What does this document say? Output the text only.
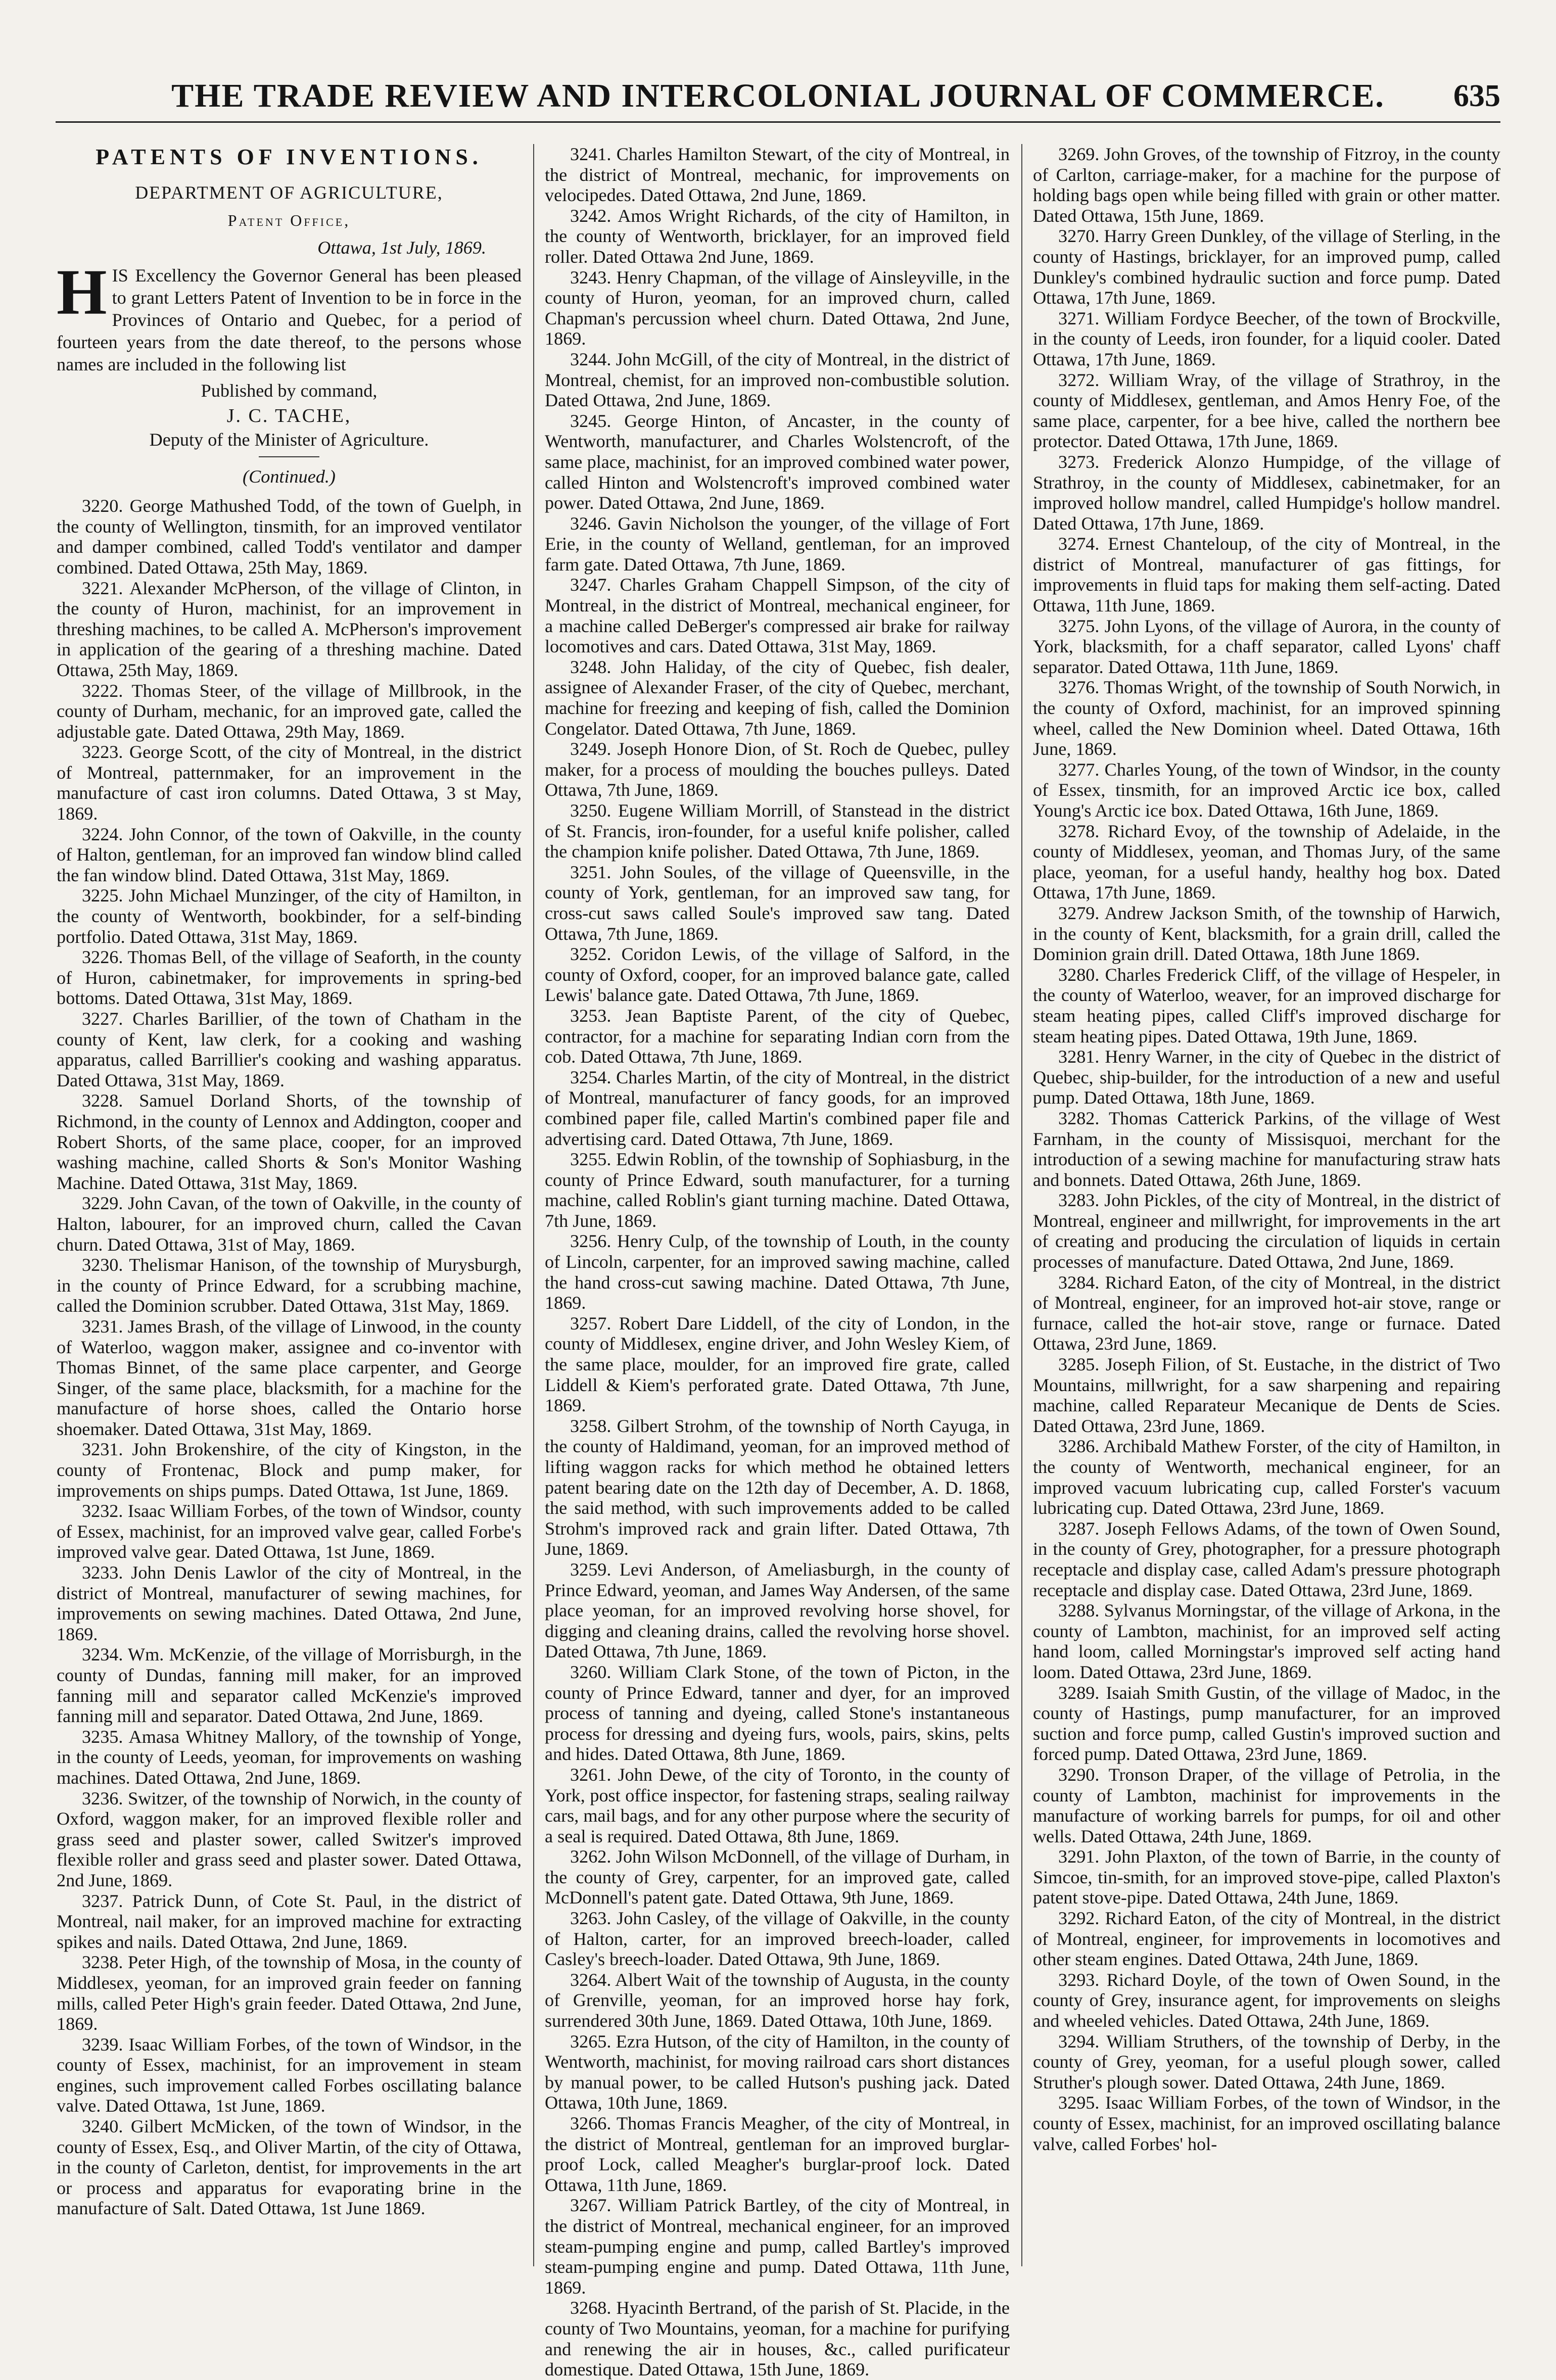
THE TRADE REVIEW AND INTERCOLONIAL JOURNAL OF COMMERCE.	635
PATENTS OF INVENTIONS.
DEPARTMENT OF AGRICULTURE,
Patent Office,
Ottawa, 1st July, 1869.

HIS Excellency the Governor General has been pleased to grant Letters Patent of Invention to be in force in the Provinces of Ontario and Quebec, for a period of fourteen years from the date thereof, to the persons whose names are included in the following list

Published by command,
J. C. TACHE,
Deputy of the Minister of Agriculture.
(Continued.)

3220. George Mathushed Todd, of the town of Guelph, in the county of Wellington, tinsmith, for an improved ventilator and damper combined, called Todd's ventilator and damper combined. Dated Ottawa, 25th May, 1869.

3221. Alexander McPherson, of the village of Clinton, in the county of Huron, machinist, for an improvement in threshing machines, to be called A. McPherson's improvement in application of the gearing of a threshing machine. Dated Ottawa, 25th May, 1869.

3222. Thomas Steer, of the village of Millbrook, in the county of Durham, mechanic, for an improved gate, called the adjustable gate. Dated Ottawa, 29th May, 1869.

3223. George Scott, of the city of Montreal, in the district of Montreal, patternmaker, for an improvement in the manufacture of cast iron columns. Dated Ottawa, 3 st May, 1869.

3224. John Connor, of the town of Oakville, in the county of Halton, gentleman, for an improved fan window blind called the fan window blind. Dated Ottawa, 31st May, 1869.

3225. John Michael Munzinger, of the city of Hamilton, in the county of Wentworth, bookbinder, for a self-binding portfolio. Dated Ottawa, 31st May, 1869.

3226. Thomas Bell, of the village of Seaforth, in the county of Huron, cabinetmaker, for improvements in spring-bed bottoms. Dated Ottawa, 31st May, 1869.

3227. Charles Barillier, of the town of Chatham in the county of Kent, law clerk, for a cooking and washing apparatus, called Barrillier's cooking and washing apparatus. Dated Ottawa, 31st May, 1869.

3228. Samuel Dorland Shorts, of the township of Richmond, in the county of Lennox and Addington, cooper and Robert Shorts, of the same place, cooper, for an improved washing machine, called Shorts & Son's Monitor Washing Machine. Dated Ottawa, 31st May, 1869.

3229. John Cavan, of the town of Oakville, in the county of Halton, labourer, for an improved churn, called the Cavan churn. Dated Ottawa, 31st of May, 1869.

3230. Thelismar Hanison, of the township of Murysburgh, in the county of Prince Edward, for a scrubbing machine, called the Dominion scrubber. Dated Ottawa, 31st May, 1869.

3231. James Brash, of the village of Linwood, in the county of Waterloo, waggon maker, assignee and co-inventor with Thomas Binnet, of the same place carpenter, and George Singer, of the same place, blacksmith, for a machine for the manufacture of horse shoes, called the Ontario horse shoemaker. Dated Ottawa, 31st May, 1869.

3231. John Brokenshire, of the city of Kingston, in the county of Frontenac, Block and pump maker, for improvements on ships pumps. Dated Ottawa, 1st June, 1869.

3232. Isaac William Forbes, of the town of Windsor, county of Essex, machinist, for an improved valve gear, called Forbe's improved valve gear. Dated Ottawa, 1st June, 1869.

3233. John Denis Lawlor of the city of Montreal, in the district of Montreal, manufacturer of sewing machines, for improvements on sewing machines. Dated Ottawa, 2nd June, 1869.

3234. Wm. McKenzie, of the village of Morrisburgh, in the county of Dundas, fanning mill maker, for an improved fanning mill and separator called McKenzie's improved fanning mill and separator. Dated Ottawa, 2nd June, 1869.

3235. Amasa Whitney Mallory, of the township of Yonge, in the county of Leeds, yeoman, for improvements on washing machines. Dated Ottawa, 2nd June, 1869.

3236. Switzer, of the township of Norwich, in the county of Oxford, waggon maker, for an improved flexible roller and grass seed and plaster sower, called Switzer's improved flexible roller and grass seed and plaster sower. Dated Ottawa, 2nd June, 1869.

3237. Patrick Dunn, of Cote St. Paul, in the district of Montreal, nail maker, for an improved machine for extracting spikes and nails. Dated Ottawa, 2nd June, 1869.

3238. Peter High, of the township of Mosa, in the county of Middlesex, yeoman, for an improved grain feeder on fanning mills, called Peter High's grain feeder. Dated Ottawa, 2nd June, 1869.

3239. Isaac William Forbes, of the town of Windsor, in the county of Essex, machinist, for an improvement in steam engines, such improvement called Forbes oscillating balance valve. Dated Ottawa, 1st June, 1869.

3240. Gilbert McMicken, of the town of Windsor, in the county of Essex, Esq., and Oliver Martin, of the city of Ottawa, in the county of Carleton, dentist, for improvements in the art or process and apparatus for evaporating brine in the manufacture of Salt. Dated Ottawa, 1st June 1869.

3241. Charles Hamilton Stewart, of the city of Montreal, in the district of Montreal, mechanic, for improvements on velocipedes. Dated Ottawa, 2nd June, 1869.

3242. Amos Wright Richards, of the city of Hamilton, in the county of Wentworth, bricklayer, for an improved field roller. Dated Ottawa 2nd June, 1869.

3243. Henry Chapman, of the village of Ainsleyville, in the county of Huron, yeoman, for an improved churn, called Chapman's percussion wheel churn. Dated Ottawa, 2nd June, 1869.

3244. John McGill, of the city of Montreal, in the district of Montreal, chemist, for an improved non-combustible solution. Dated Ottawa, 2nd June, 1869.

3245. George Hinton, of Ancaster, in the county of Wentworth, manufacturer, and Charles Wolstencroft, of the same place, machinist, for an improved combined water power, called Hinton and Wolstencroft's improved combined water power. Dated Ottawa, 2nd June, 1869.

3246. Gavin Nicholson the younger, of the village of Fort Erie, in the county of Welland, gentleman, for an improved farm gate. Dated Ottawa, 7th June, 1869.

3247. Charles Graham Chappell Simpson, of the city of Montreal, in the district of Montreal, mechanical engineer, for a machine called DeBerger's compressed air brake for railway locomotives and cars. Dated Ottawa, 31st May, 1869.

3248. John Haliday, of the city of Quebec, fish dealer, assignee of Alexander Fraser, of the city of Quebec, merchant, machine for freezing and keeping of fish, called the Dominion Congelator. Dated Ottawa, 7th June, 1869.

3249. Joseph Honore Dion, of St. Roch de Quebec, pulley maker, for a process of moulding the bouches pulleys. Dated Ottawa, 7th June, 1869.

3250. Eugene William Morrill, of Stanstead in the district of St. Francis, iron-founder, for a useful knife polisher, called the champion knife polisher. Dated Ottawa, 7th June, 1869.

3251. John Soules, of the village of Queensville, in the county of York, gentleman, for an improved saw tang, for cross-cut saws called Soule's improved saw tang. Dated Ottawa, 7th June, 1869.

3252. Coridon Lewis, of the village of Salford, in the county of Oxford, cooper, for an improved balance gate, called Lewis' balance gate. Dated Ottawa, 7th June, 1869.

3253. Jean Baptiste Parent, of the city of Quebec, contractor, for a machine for separating Indian corn from the cob. Dated Ottawa, 7th June, 1869.

3254. Charles Martin, of the city of Montreal, in the district of Montreal, manufacturer of fancy goods, for an improved combined paper file, called Martin's combined paper file and advertising card. Dated Ottawa, 7th June, 1869.

3255. Edwin Roblin, of the township of Sophiasburg, in the county of Prince Edward, south manufacturer, for a turning machine, called Roblin's giant turning machine. Dated Ottawa, 7th June, 1869.

3256. Henry Culp, of the township of Louth, in the county of Lincoln, carpenter, for an improved sawing machine, called the hand cross-cut sawing machine. Dated Ottawa, 7th June, 1869.

3257. Robert Dare Liddell, of the city of London, in the county of Middlesex, engine driver, and John Wesley Kiem, of the same place, moulder, for an improved fire grate, called Liddell & Kiem's perforated grate. Dated Ottawa, 7th June, 1869.

3258. Gilbert Strohm, of the township of North Cayuga, in the county of Haldimand, yeoman, for an improved method of lifting waggon racks for which method he obtained letters patent bearing date on the 12th day of December, A. D. 1868, the said method, with such improvements added to be called Strohm's improved rack and grain lifter. Dated Ottawa, 7th June, 1869.

3259. Levi Anderson, of Ameliasburgh, in the county of Prince Edward, yeoman, and James Way Andersen, of the same place yeoman, for an improved revolving horse shovel, for digging and cleaning drains, called the revolving horse shovel. Dated Ottawa, 7th June, 1869.

3260. William Clark Stone, of the town of Picton, in the county of Prince Edward, tanner and dyer, for an improved process of tanning and dyeing, called Stone's instantaneous process for dressing and dyeing furs, wools, pairs, skins, pelts and hides. Dated Ottawa, 8th June, 1869.

3261. John Dewe, of the city of Toronto, in the county of York, post office inspector, for fastening straps, sealing railway cars, mail bags, and for any other purpose where the security of a seal is required. Dated Ottawa, 8th June, 1869.

3262. John Wilson McDonnell, of the village of Durham, in the county of Grey, carpenter, for an improved gate, called McDonnell's patent gate. Dated Ottawa, 9th June, 1869.

3263. John Casley, of the village of Oakville, in the county of Halton, carter, for an improved breech-loader, called Casley's breech-loader. Dated Ottawa, 9th June, 1869.

3264. Albert Wait of the township of Augusta, in the county of Grenville, yeoman, for an improved horse hay fork, surrendered 30th June, 1869. Dated Ottawa, 10th June, 1869.

3265. Ezra Hutson, of the city of Hamilton, in the county of Wentworth, machinist, for moving railroad cars short distances by manual power, to be called Hutson's pushing jack. Dated Ottawa, 10th June, 1869.

3266. Thomas Francis Meagher, of the city of Montreal, in the district of Montreal, gentleman for an improved burglar-proof Lock, called Meagher's burglar-proof lock. Dated Ottawa, 11th June, 1869.

3267. William Patrick Bartley, of the city of Montreal, in the district of Montreal, mechanical engineer, for an improved steam-pumping engine and pump, called Bartley's improved steam-pumping engine and pump. Dated Ottawa, 11th June, 1869.

3268. Hyacinth Bertrand, of the parish of St. Placide, in the county of Two Mountains, yeoman, for a machine for purifying and renewing the air in houses, &c., called purificateur domestique. Dated Ottawa, 15th June, 1869.

3269. John Groves, of the township of Fitzroy, in the county of Carlton, carriage-maker, for a machine for the purpose of holding bags open while being filled with grain or other matter. Dated Ottawa, 15th June, 1869.

3270. Harry Green Dunkley, of the village of Sterling, in the county of Hastings, bricklayer, for an improved pump, called Dunkley's combined hydraulic suction and force pump. Dated Ottawa, 17th June, 1869.

3271. William Fordyce Beecher, of the town of Brockville, in the county of Leeds, iron founder, for a liquid cooler. Dated Ottawa, 17th June, 1869.

3272. William Wray, of the village of Strathroy, in the county of Middlesex, gentleman, and Amos Henry Foe, of the same place, carpenter, for a bee hive, called the northern bee protector. Dated Ottawa, 17th June, 1869.

3273. Frederick Alonzo Humpidge, of the village of Strathroy, in the county of Middlesex, cabinetmaker, for an improved hollow mandrel, called Humpidge's hollow mandrel. Dated Ottawa, 17th June, 1869.

3274. Ernest Chanteloup, of the city of Montreal, in the district of Montreal, manufacturer of gas fittings, for improvements in fluid taps for making them self-acting. Dated Ottawa, 11th June, 1869.

3275. John Lyons, of the village of Aurora, in the county of York, blacksmith, for a chaff separator, called Lyons' chaff separator. Dated Ottawa, 11th June, 1869.

3276. Thomas Wright, of the township of South Norwich, in the county of Oxford, machinist, for an improved spinning wheel, called the New Dominion wheel. Dated Ottawa, 16th June, 1869.

3277. Charles Young, of the town of Windsor, in the county of Essex, tinsmith, for an improved Arctic ice box, called Young's Arctic ice box. Dated Ottawa, 16th June, 1869.

3278. Richard Evoy, of the township of Adelaide, in the county of Middlesex, yeoman, and Thomas Jury, of the same place, yeoman, for a useful handy, healthy hog box. Dated Ottawa, 17th June, 1869.

3279. Andrew Jackson Smith, of the township of Harwich, in the county of Kent, blacksmith, for a grain drill, called the Dominion grain drill. Dated Ottawa, 18th June 1869.

3280. Charles Frederick Cliff, of the village of Hespeler, in the county of Waterloo, weaver, for an improved discharge for steam heating pipes, called Cliff's improved discharge for steam heating pipes. Dated Ottawa, 19th June, 1869.

3281. Henry Warner, in the city of Quebec in the district of Quebec, ship-builder, for the introduction of a new and useful pump. Dated Ottawa, 18th June, 1869.

3282. Thomas Catterick Parkins, of the village of West Farnham, in the county of Missisquoi, merchant for the introduction of a sewing machine for manufacturing straw hats and bonnets. Dated Ottawa, 26th June, 1869.

3283. John Pickles, of the city of Montreal, in the district of Montreal, engineer and millwright, for improvements in the art of creating and producing the circulation of liquids in certain processes of manufacture. Dated Ottawa, 2nd June, 1869.

3284. Richard Eaton, of the city of Montreal, in the district of Montreal, engineer, for an improved hot-air stove, range or furnace, called the hot-air stove, range or furnace. Dated Ottawa, 23rd June, 1869.

3285. Joseph Filion, of St. Eustache, in the district of Two Mountains, millwright, for a saw sharpening and repairing machine, called Reparateur Mecanique de Dents de Scies. Dated Ottawa, 23rd June, 1869.

3286. Archibald Mathew Forster, of the city of Hamilton, in the county of Wentworth, mechanical engineer, for an improved vacuum lubricating cup, called Forster's vacuum lubricating cup. Dated Ottawa, 23rd June, 1869.

3287. Joseph Fellows Adams, of the town of Owen Sound, in the county of Grey, photographer, for a pressure photograph receptacle and display case, called Adam's pressure photograph receptacle and display case. Dated Ottawa, 23rd June, 1869.

3288. Sylvanus Morningstar, of the village of Arkona, in the county of Lambton, machinist, for an improved self acting hand loom, called Morningstar's improved self acting hand loom. Dated Ottawa, 23rd June, 1869.

3289. Isaiah Smith Gustin, of the village of Madoc, in the county of Hastings, pump manufacturer, for an improved suction and force pump, called Gustin's improved suction and forced pump. Dated Ottawa, 23rd June, 1869.

3290. Tronson Draper, of the village of Petrolia, in the county of Lambton, machinist for improvements in the manufacture of working barrels for pumps, for oil and other wells. Dated Ottawa, 24th June, 1869.

3291. John Plaxton, of the town of Barrie, in the county of Simcoe, tin-smith, for an improved stove-pipe, called Plaxton's patent stove-pipe. Dated Ottawa, 24th June, 1869.

3292. Richard Eaton, of the city of Montreal, in the district of Montreal, engineer, for improvements in locomotives and other steam engines. Dated Ottawa, 24th June, 1869.

3293. Richard Doyle, of the town of Owen Sound, in the county of Grey, insurance agent, for improvements on sleighs and wheeled vehicles. Dated Ottawa, 24th June, 1869.

3294. William Struthers, of the township of Derby, in the county of Grey, yeoman, for a useful plough sower, called Struther's plough sower. Dated Ottawa, 24th June, 1869.

3295. Isaac William Forbes, of the town of Windsor, in the county of Essex, machinist, for an improved oscillating balance valve, called Forbes' hol-
